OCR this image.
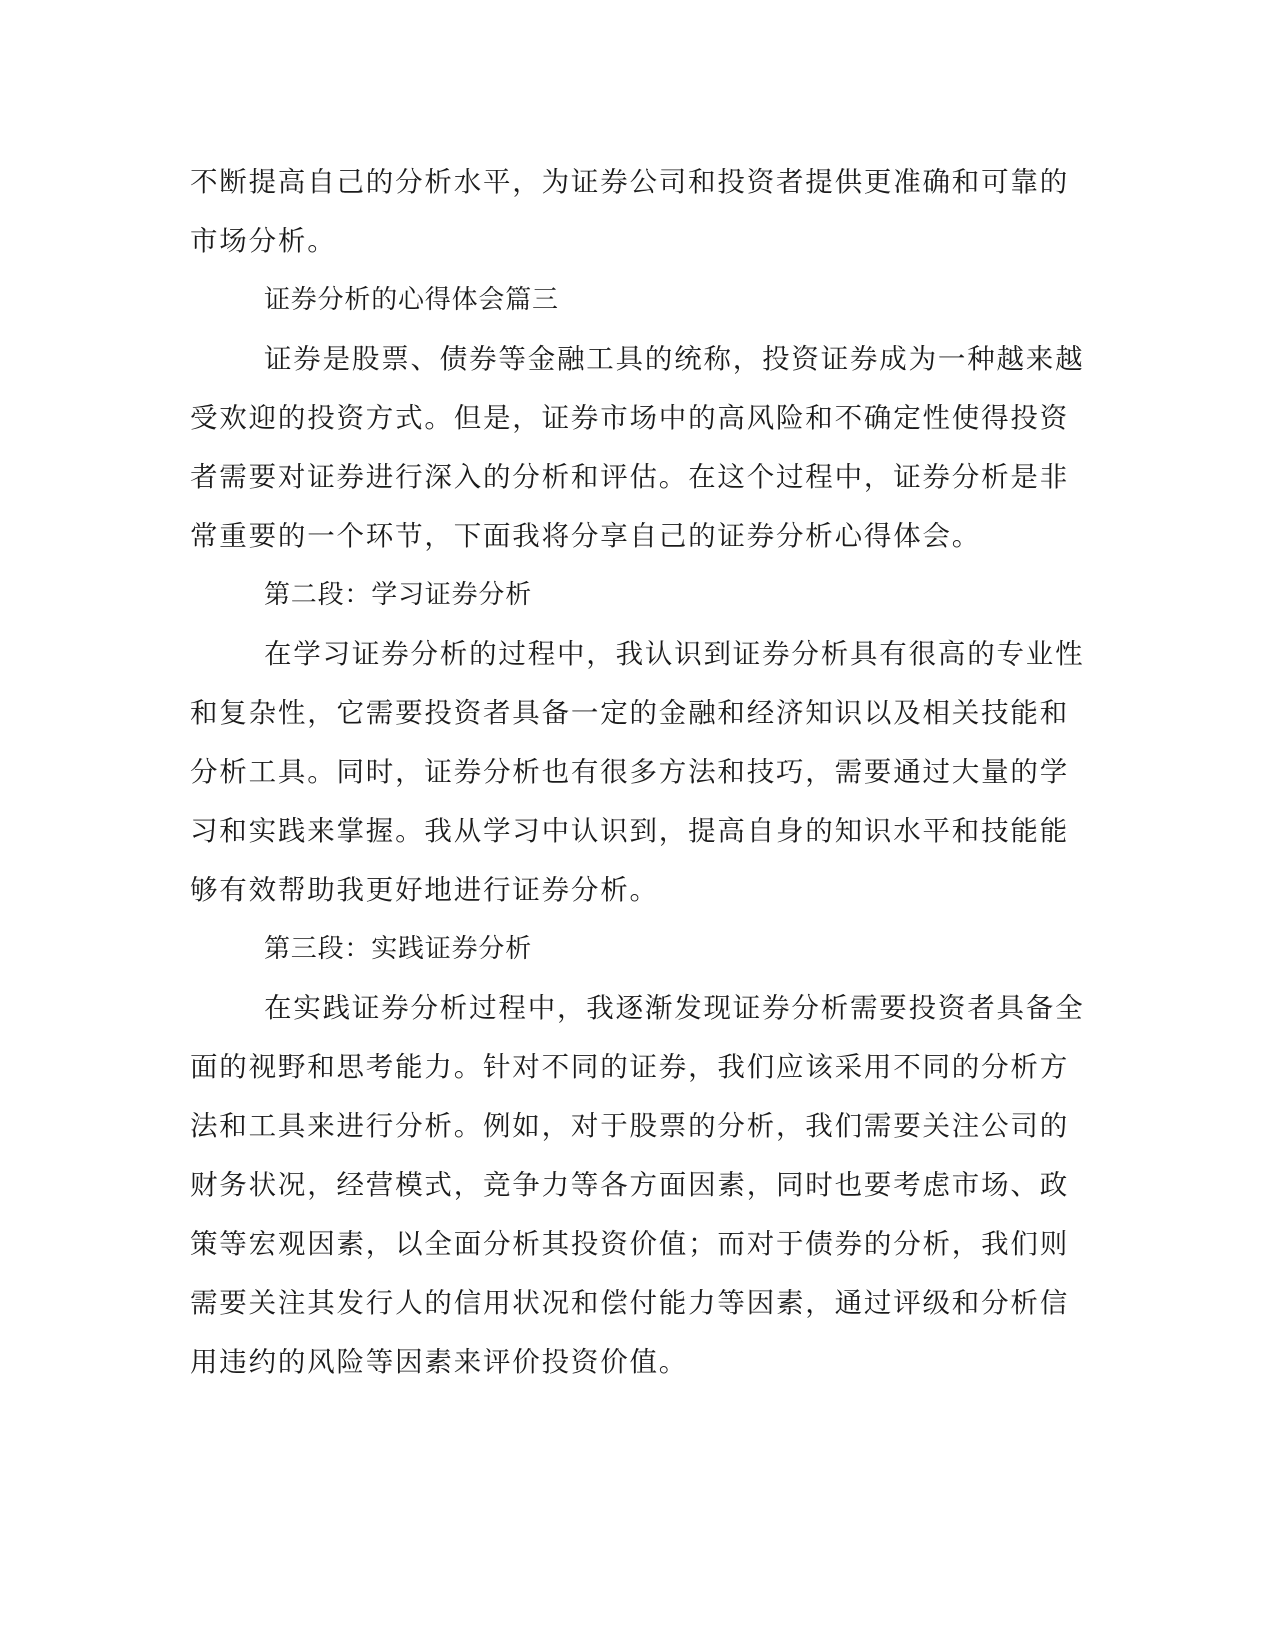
不断提高自己的分析水平，为证券公司和投资者提供更准确和可靠的
市场分析。
证券分析的心得体会篇三
证券是股票、债券等金融工具的统称，投资证券成为一种越来越
受欢迎的投资方式。但是，证券市场中的高风险和不确定性使得投资
者需要对证券进行深入的分析和评估。在这个过程中，证券分析是非
常重要的一个环节，下面我将分享自己的证券分析心得体会。
第二段：学习证券分析
在学习证券分析的过程中，我认识到证券分析具有很高的专业性
和复杂性，它需要投资者具备一定的金融和经济知识以及相关技能和
分析工具。同时，证券分析也有很多方法和技巧，需要通过大量的学
习和实践来掌握。我从学习中认识到，提高自身的知识水平和技能能
够有效帮助我更好地进行证券分析。
第三段：实践证券分析
在实践证券分析过程中，我逐渐发现证券分析需要投资者具备全
面的视野和思考能力。针对不同的证券，我们应该采用不同的分析方
法和工具来进行分析。例如，对于股票的分析，我们需要关注公司的
财务状况，经营模式，竞争力等各方面因素，同时也要考虑市场、政
策等宏观因素，以全面分析其投资价值；而对于债券的分析，我们则
需要关注其发行人的信用状况和偿付能力等因素，通过评级和分析信
用违约的风险等因素来评价投资价值。
